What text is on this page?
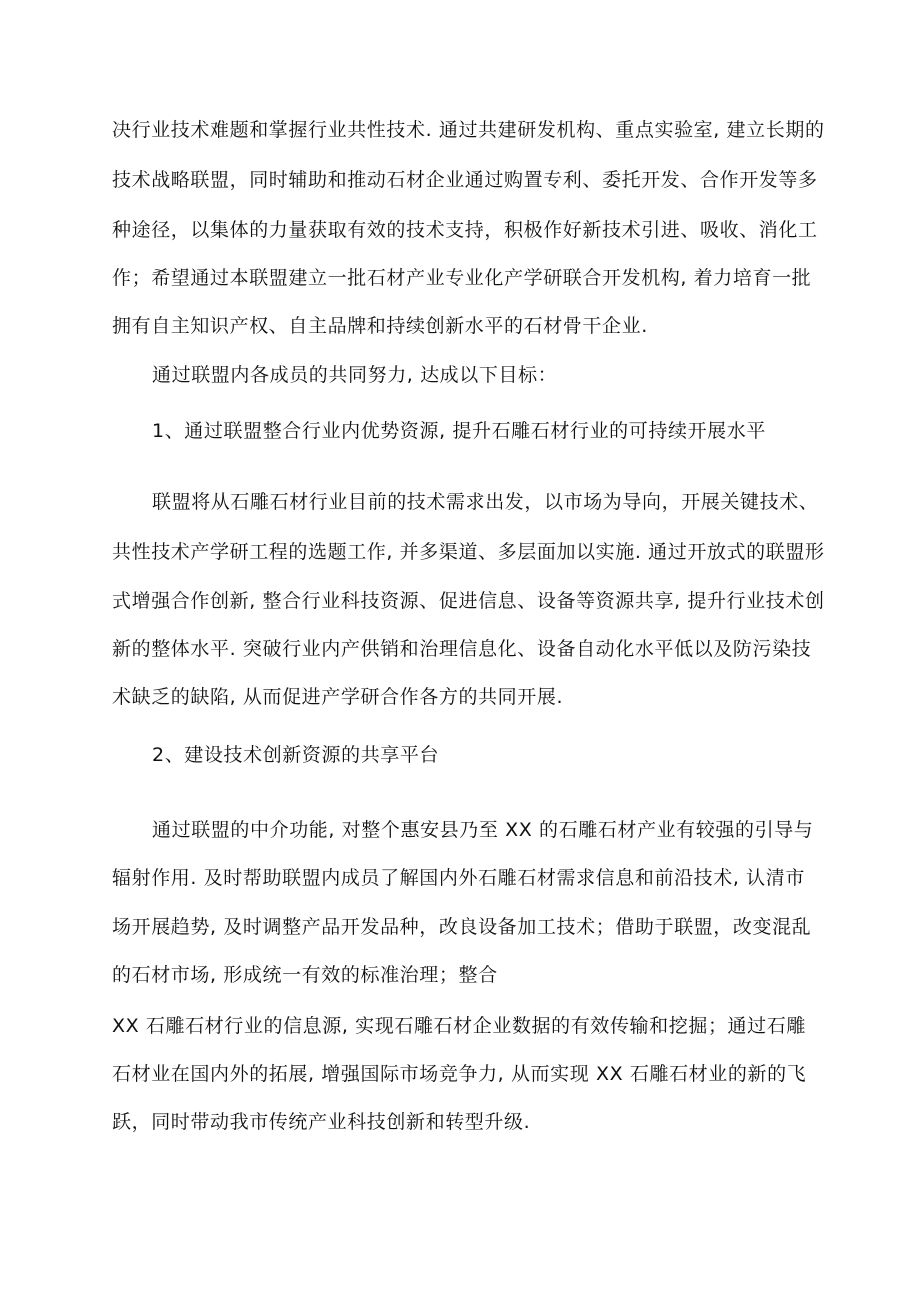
决行业技术难题和掌握行业共性技术. 通过共建研发机构、重点实验室, 建立长期的
技术战略联盟，同时辅助和推动石材企业通过购置专利、委托开发、合作开发等多
种途径，以集体的力量获取有效的技术支持，积极作好新技术引进、吸收、消化工
作；希望通过本联盟建立一批石材产业专业化产学研联合开发机构, 着力培育一批
拥有自主知识产权、自主品牌和持续创新水平的石材骨干企业.
通过联盟内各成员的共同努力, 达成以下目标：
1、通过联盟整合行业内优势资源, 提升石雕石材行业的可持续开展水平
联盟将从石雕石材行业目前的技术需求出发，以市场为导向，开展关键技术、
共性技术产学研工程的选题工作, 并多渠道、多层面加以实施. 通过开放式的联盟形
式增强合作创新, 整合行业科技资源、促进信息、设备等资源共享, 提升行业技术创
新的整体水平. 突破行业内产供销和治理信息化、设备自动化水平低以及防污染技
术缺乏的缺陷, 从而促进产学研合作各方的共同开展.
2、建设技术创新资源的共享平台
通过联盟的中介功能, 对整个惠安县乃至 XX 的石雕石材产业有较强的引导与
辐射作用. 及时帮助联盟内成员了解国内外石雕石材需求信息和前沿技术, 认清市
场开展趋势, 及时调整产品开发品种，改良设备加工技术；借助于联盟，改变混乱
的石材市场, 形成统一有效的标准治理；整合
XX 石雕石材行业的信息源, 实现石雕石材企业数据的有效传输和挖掘；通过石雕
石材业在国内外的拓展, 增强国际市场竞争力, 从而实现 XX 石雕石材业的新的飞
跃，同时带动我市传统产业科技创新和转型升级.
